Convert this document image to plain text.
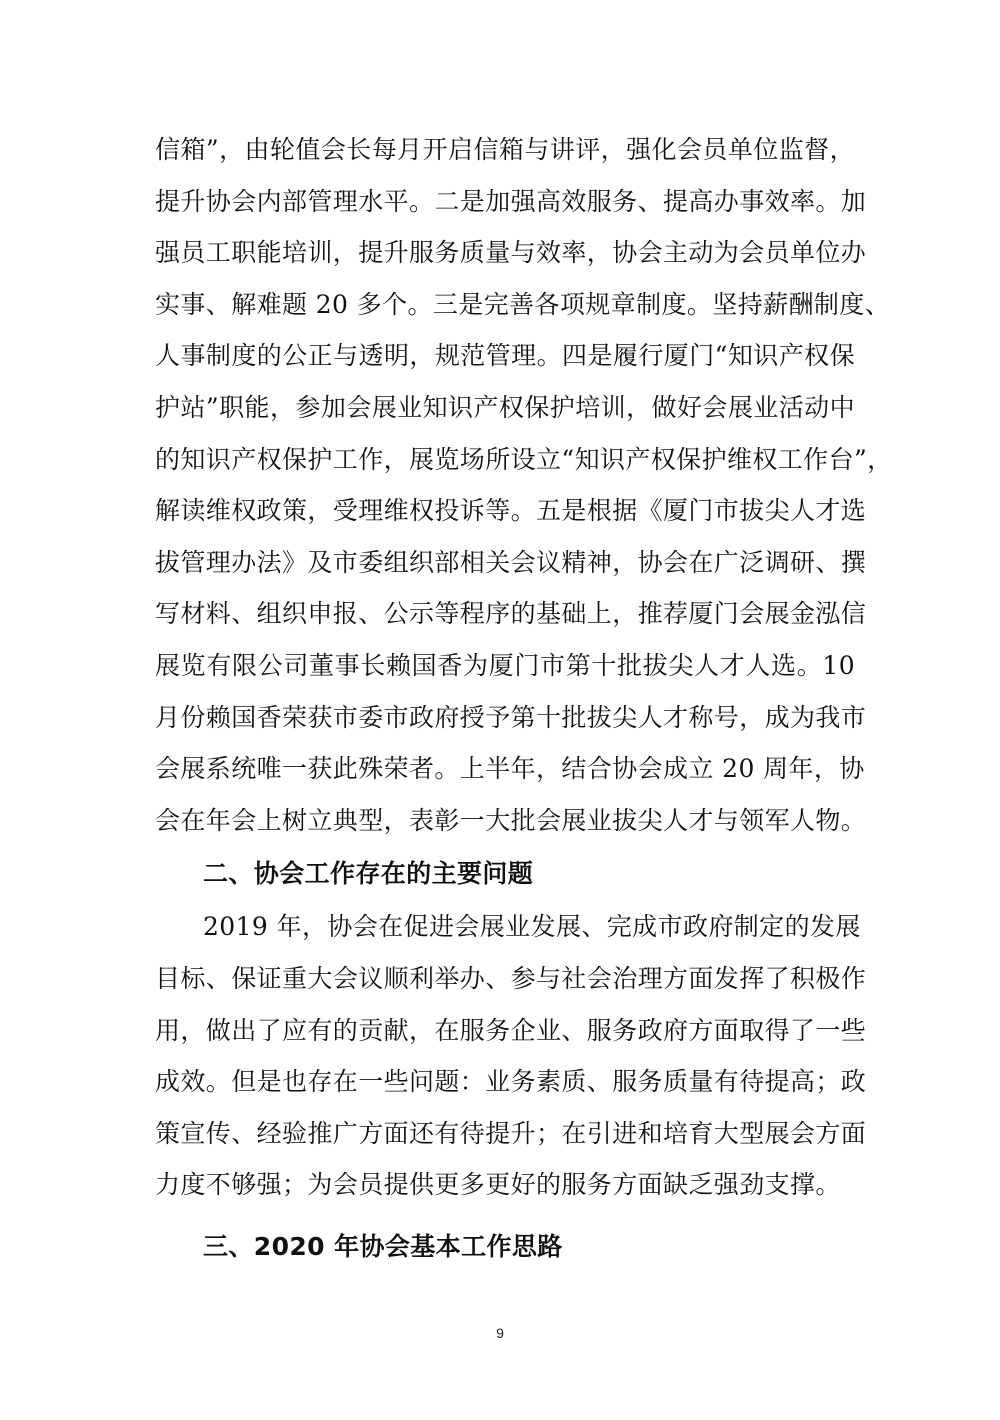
信箱”，由轮值会长每月开启信箱与讲评，强化会员单位监督，
提升协会内部管理水平。二是加强高效服务、提高办事效率。加
强员工职能培训，提升服务质量与效率，协会主动为会员单位办
实事、解难题 20 多个。三是完善各项规章制度。坚持薪酬制度、
人事制度的公正与透明，规范管理。四是履行厦门“知识产权保
护站”职能，参加会展业知识产权保护培训，做好会展业活动中
的知识产权保护工作，展览场所设立“知识产权保护维权工作台”，
解读维权政策，受理维权投诉等。五是根据《厦门市拔尖人才选
拔管理办法》及市委组织部相关会议精神，协会在广泛调研、撰
写材料、组织申报、公示等程序的基础上，推荐厦门会展金泓信
展览有限公司董事长赖国香为厦门市第十批拔尖人才人选。10
月份赖国香荣获市委市政府授予第十批拔尖人才称号，成为我市
会展系统唯一获此殊荣者。上半年，结合协会成立 20 周年，协
会在年会上树立典型，表彰一大批会展业拔尖人才与领军人物。
二、协会工作存在的主要问题
2019 年，协会在促进会展业发展、完成市政府制定的发展
目标、保证重大会议顺利举办、参与社会治理方面发挥了积极作
用，做出了应有的贡献，在服务企业、服务政府方面取得了一些
成效。但是也存在一些问题：业务素质、服务质量有待提高；政
策宣传、经验推广方面还有待提升；在引进和培育大型展会方面
力度不够强；为会员提供更多更好的服务方面缺乏强劲支撑。
三、2020 年协会基本工作思路
9
